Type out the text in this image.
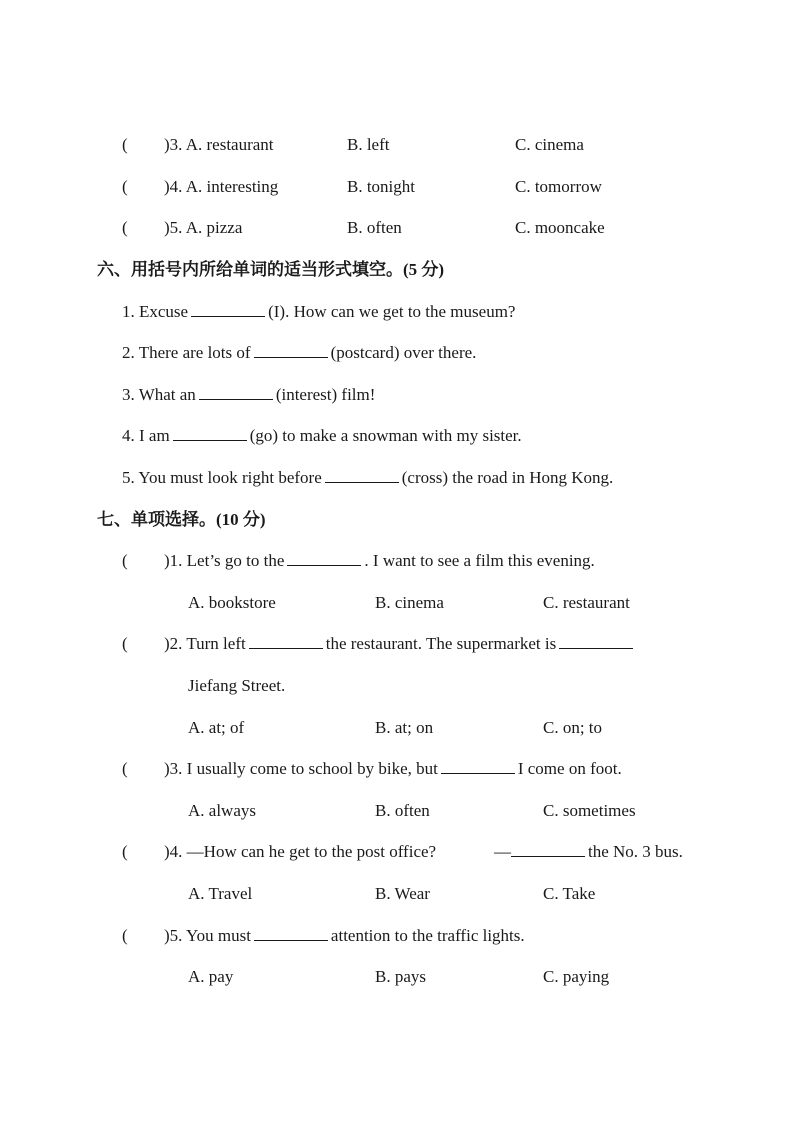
( )3. A. restaurant	B. left	C. cinema
( )4. A. interesting	B. tonight	C. tomorrow
( )5. A. pizza	B. often	C. mooncake
六、用括号内所给单词的适当形式填空。(5 分)
1. Excuse	(I). How can we get to the museum?
2. There are lots of	(postcard) over there.
3. What an	(interest) film!
4. I am	(go) to make a snowman with my sister.
5. You must look right before	(cross) the road in Hong Kong.
七、单项选择。(10 分)
( )1. Let’s go to the	. I want to see a film this evening.
A. bookstore	B. cinema	C. restaurant
( )2. Turn left	the restaurant. The supermarket is
Jiefang Street.
A. at; of	B. at; on	C. on; to
( )3. I usually come to school by bike, but	I come on foot.
A. always	B. often	C. sometimes
( )4. —How can he get to the post office?	—	the No. 3 bus.
A. Travel	B. Wear	C. Take
( )5. You must	attention to the traffic lights.
A. pay	B. pays	C. paying
